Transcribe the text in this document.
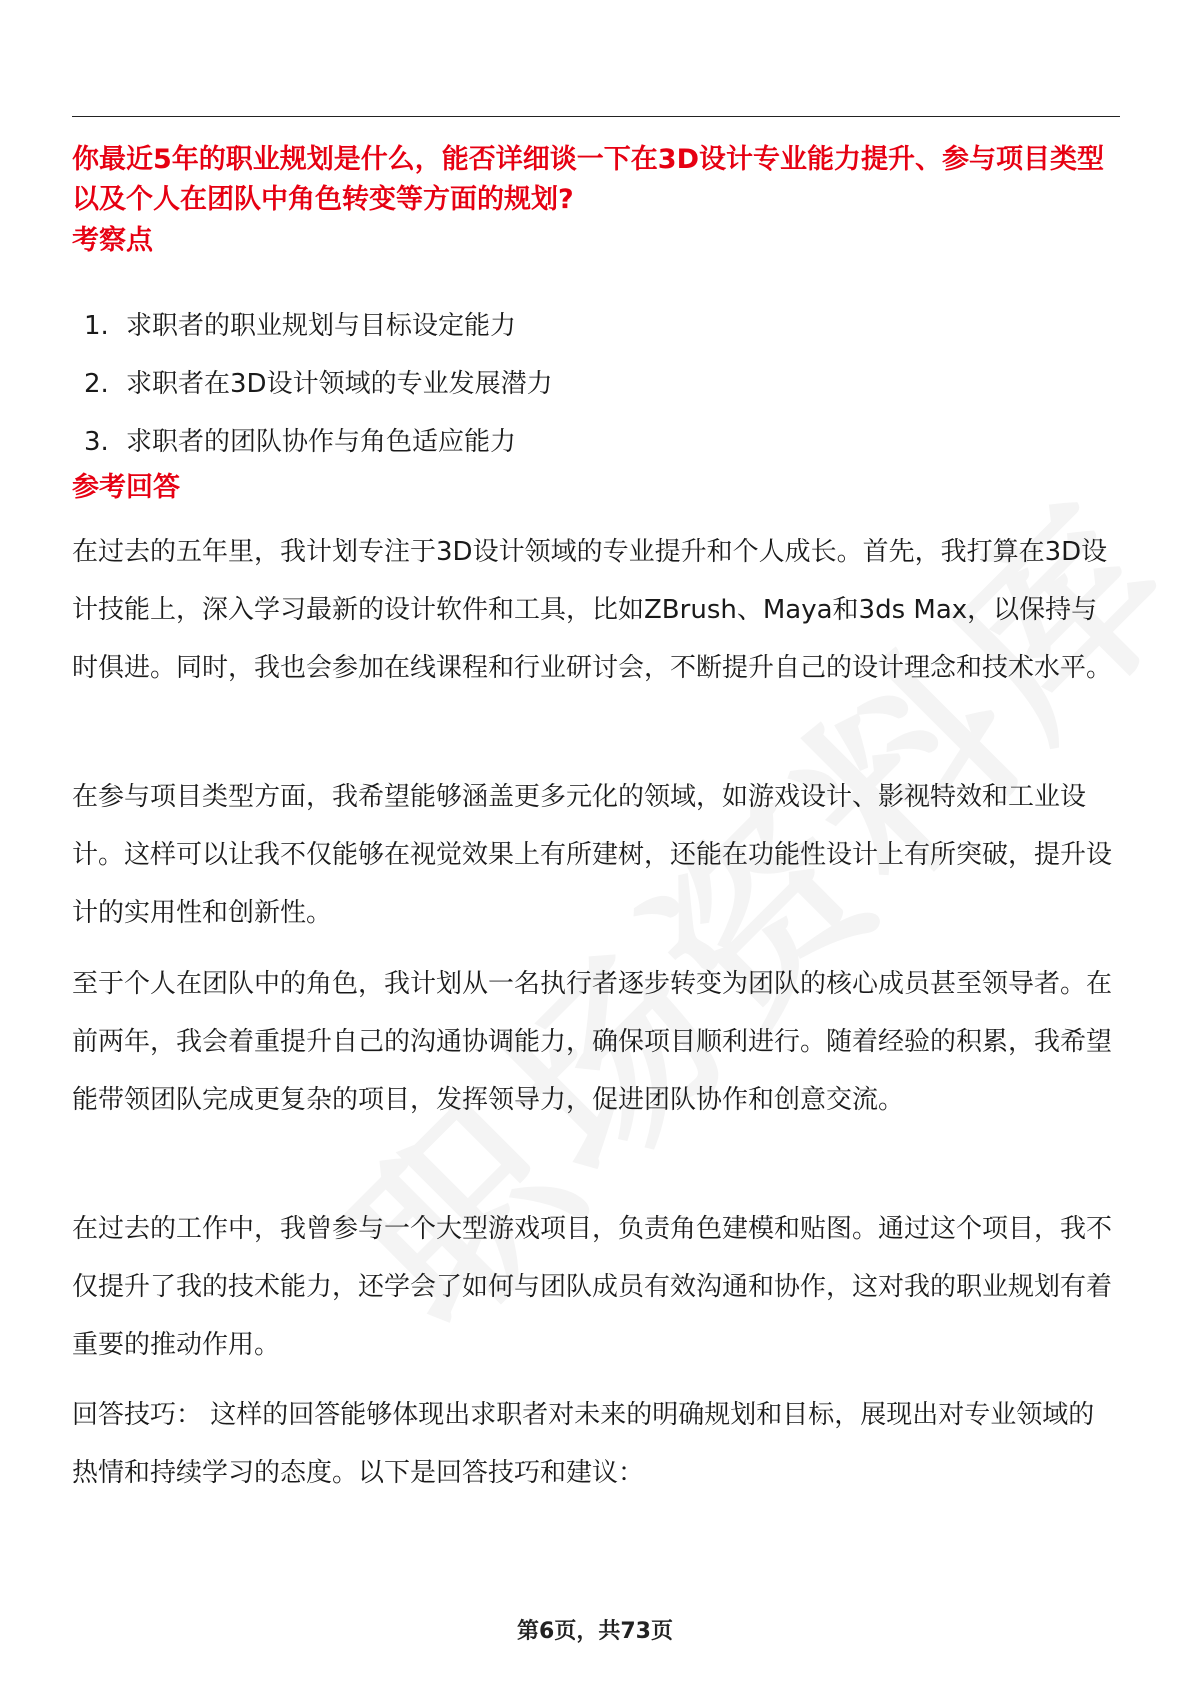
你最近5年的职业规划是什么，能否详细谈一下在3D设计专业能力提升、参与项目类型以及个人在团队中角色转变等方面的规划?
考察点
1. 求职者的职业规划与目标设定能力
2. 求职者在3D设计领域的专业发展潜力
3. 求职者的团队协作与角色适应能力
参考回答

在过去的五年里，我计划专注于3D设计领域的专业提升和个人成长。首先，我打算在3D设计技能上，深入学习最新的设计软件和工具，比如ZBrush、Maya和3ds Max，以保持与时俱进。同时，我也会参加在线课程和行业研讨会，不断提升自己的设计理念和技术水平。

在参与项目类型方面，我希望能够涵盖更多元化的领域，如游戏设计、影视特效和工业设计。这样可以让我不仅能够在视觉效果上有所建树，还能在功能性设计上有所突破，提升设计的实用性和创新性。

至于个人在团队中的角色，我计划从一名执行者逐步转变为团队的核心成员甚至领导者。在前两年，我会着重提升自己的沟通协调能力，确保项目顺利进行。随着经验的积累，我希望能带领团队完成更复杂的项目，发挥领导力，促进团队协作和创意交流。

在过去的工作中，我曾参与一个大型游戏项目，负责角色建模和贴图。通过这个项目，我不仅提升了我的技术能力，还学会了如何与团队成员有效沟通和协作，这对我的职业规划有着重要的推动作用。

回答技巧： 这样的回答能够体现出求职者对未来的明确规划和目标，展现出对专业领域的热情和持续学习的态度。以下是回答技巧和建议：

第6页，共73页
